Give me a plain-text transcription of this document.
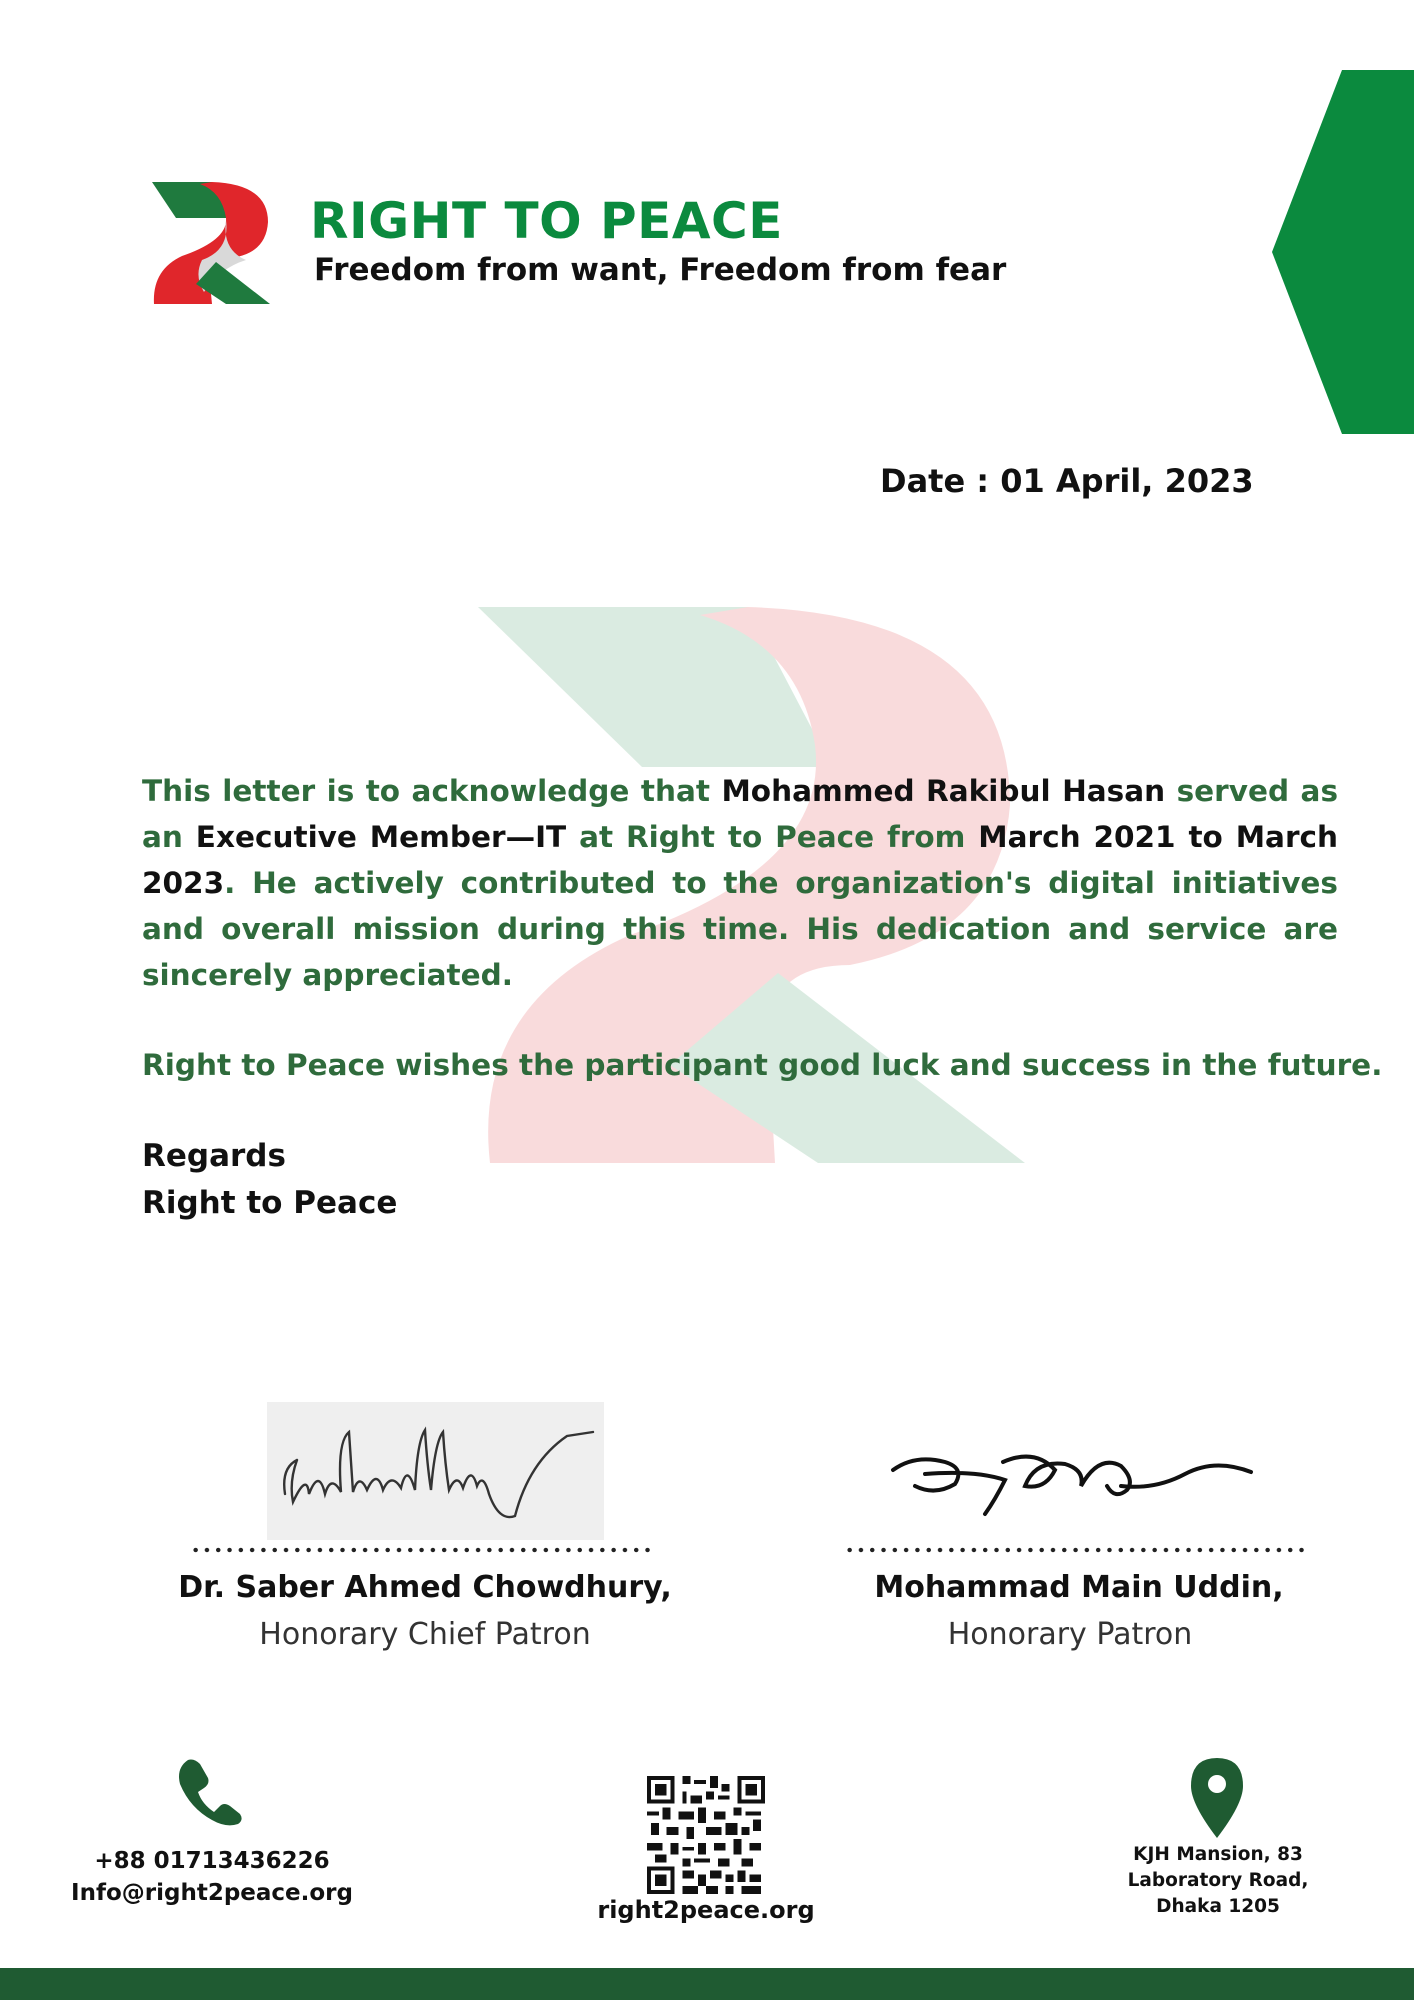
RIGHT TO PEACE
Freedom from want, Freedom from fear
Date : 01 April, 2023
This letter is to acknowledge that Mohammed Rakibul Hasan served as an Executive Member—IT at Right to Peace from March 2021 to March 2023. He actively contributed to the organization's digital initiatives and overall mission during this time. His dedication and service are sincerely appreciated.
Right to Peace wishes the participant good luck and success in the future.
Regards
Right to Peace
Dr. Saber Ahmed Chowdhury,
Honorary Chief Patron
Mohammad Main Uddin,
Honorary Patron
+88 01713436226
Info@right2peace.org
right2peace.org
KJH Mansion, 83
Laboratory Road,
Dhaka 1205
